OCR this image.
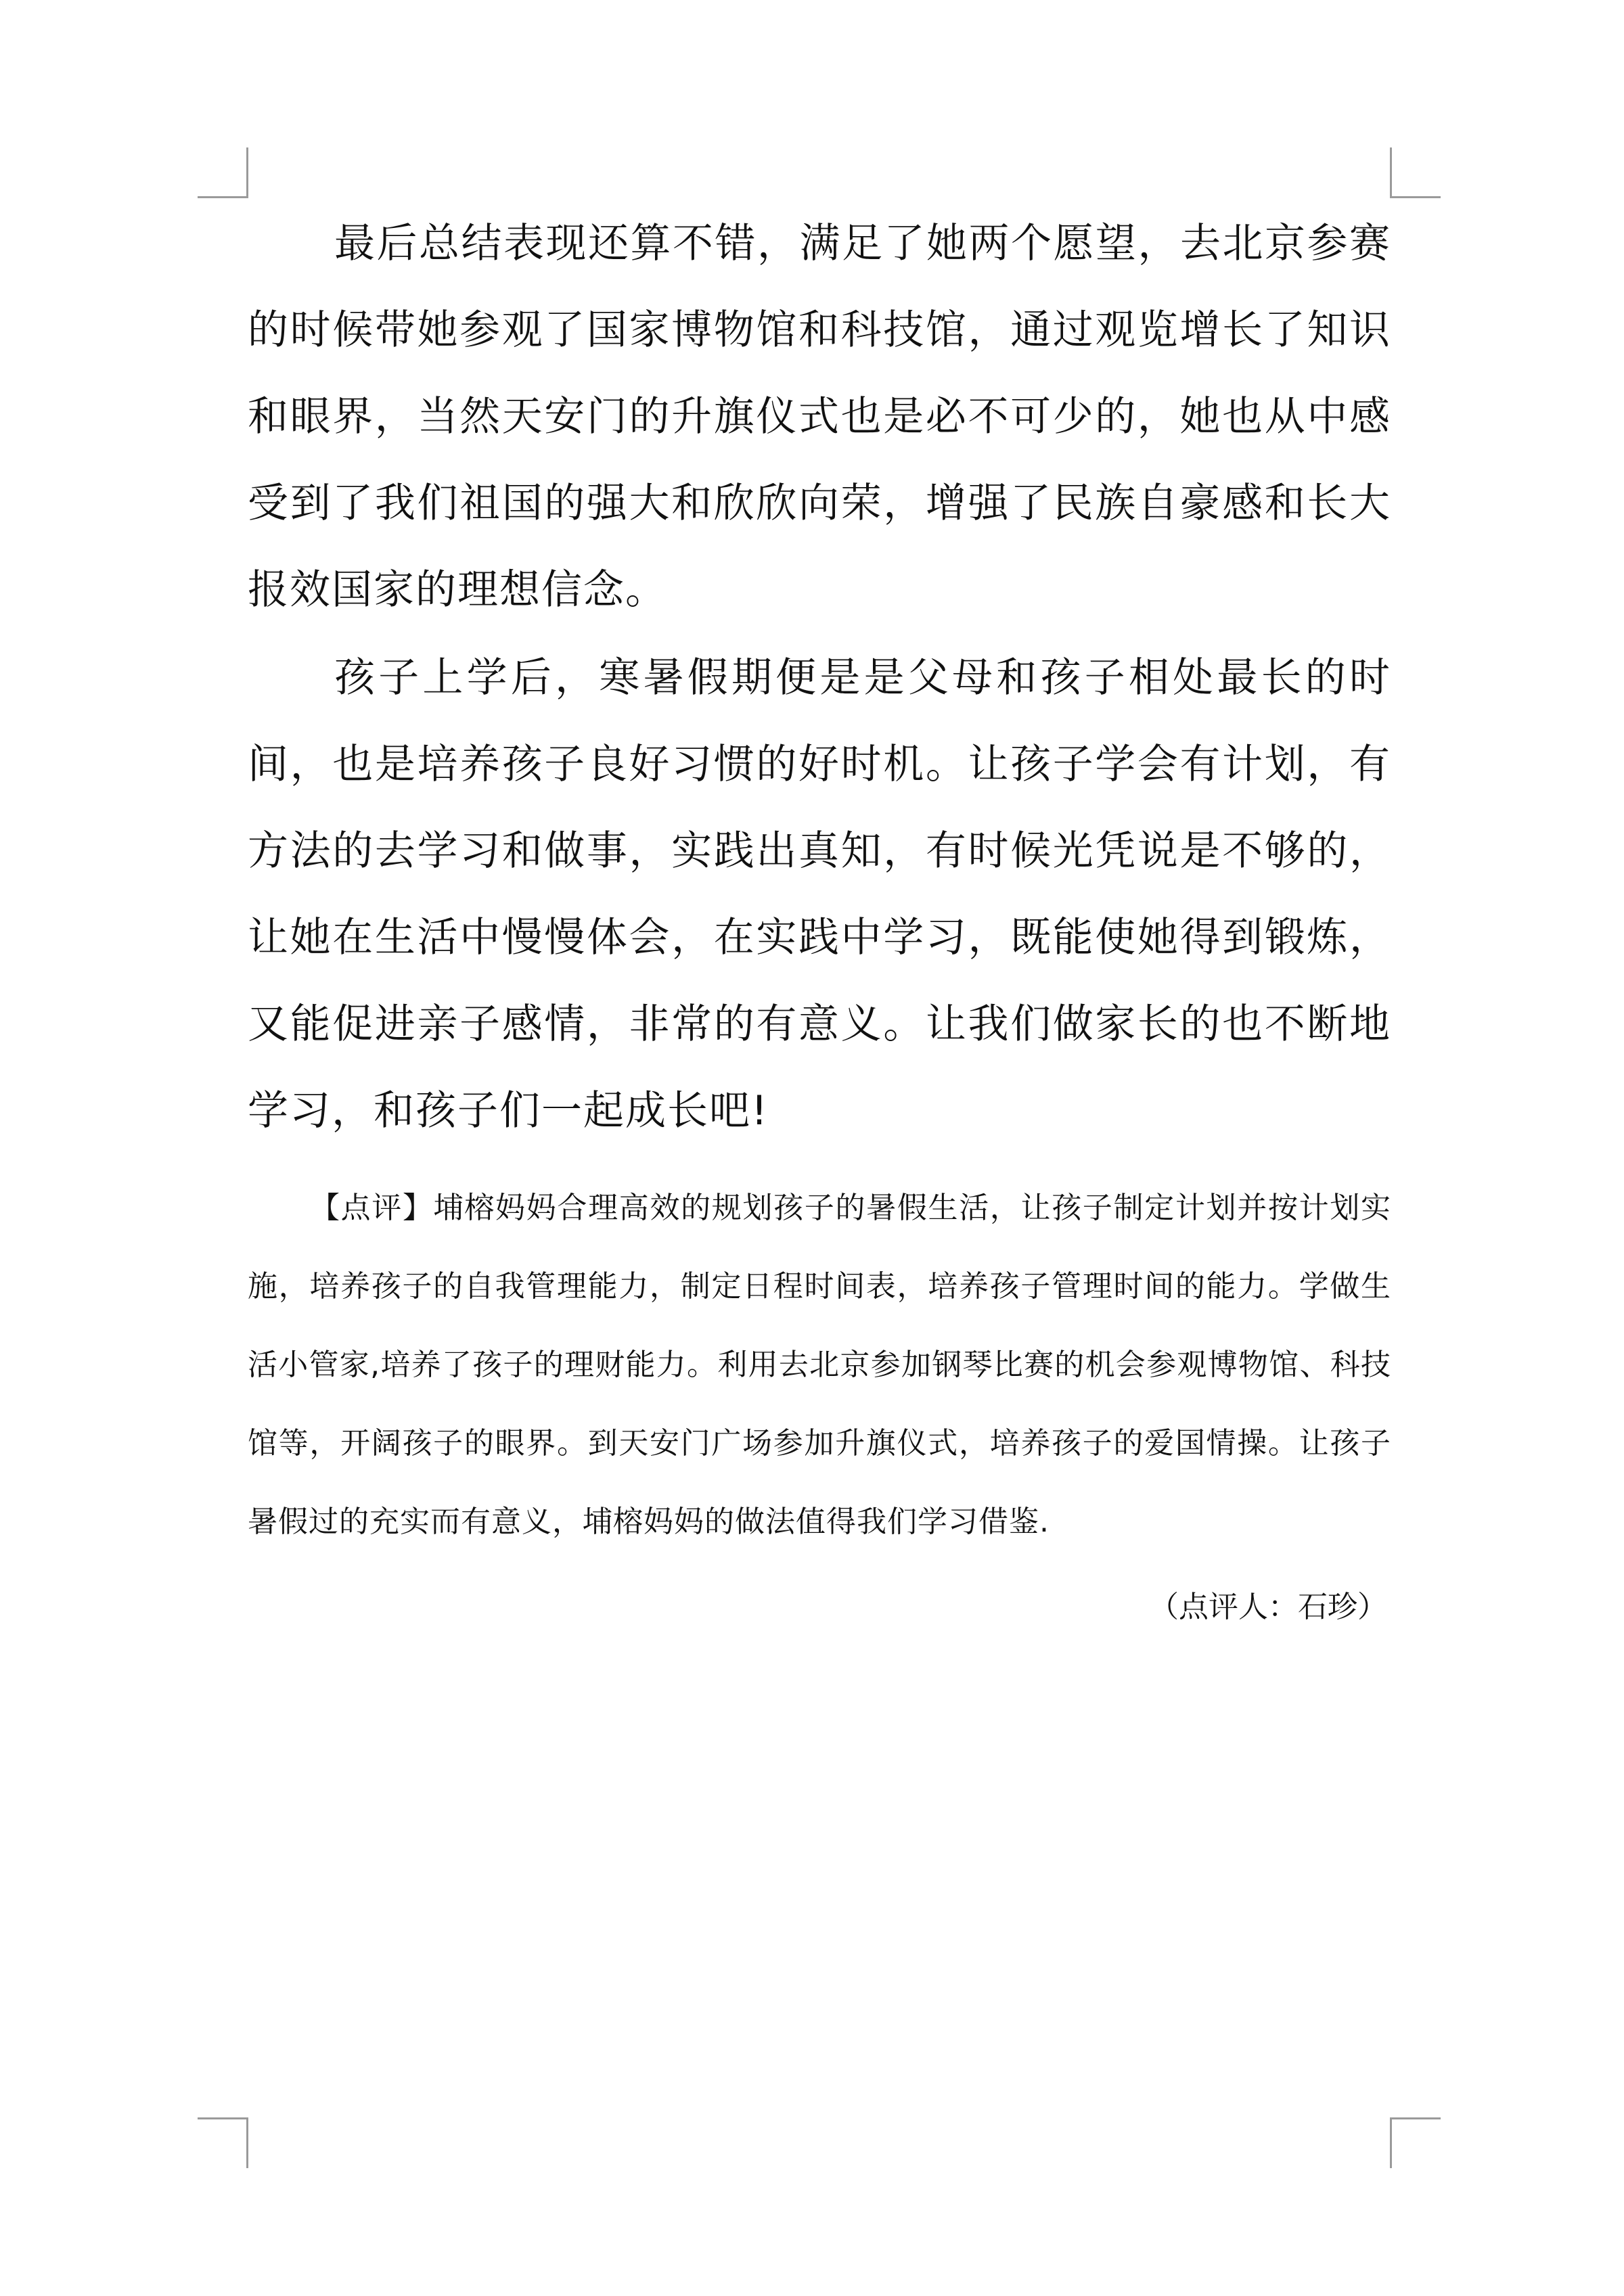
最后总结表现还算不错，满足了她两个愿望，去北京参赛的时候带她参观了国家博物馆和科技馆，通过观览增长了知识和眼界，当然天安门的升旗仪式也是必不可少的，她也从中感受到了我们祖国的强大和欣欣向荣，增强了民族自豪感和长大报效国家的理想信念。

孩子上学后，寒暑假期便是是父母和孩子相处最长的时间，也是培养孩子良好习惯的好时机。让孩子学会有计划，有方法的去学习和做事，实践出真知，有时候光凭说是不够的，让她在生活中慢慢体会，在实践中学习，既能使她得到锻炼，又能促进亲子感情，非常的有意义。让我们做家长的也不断地学习，和孩子们一起成长吧!

【点评】埔榕妈妈合理高效的规划孩子的暑假生活，让孩子制定计划并按计划实施，培养孩子的自我管理能力，制定日程时间表，培养孩子管理时间的能力。学做生活小管家,培养了孩子的理财能力。利用去北京参加钢琴比赛的机会参观博物馆、科技馆等，开阔孩子的眼界。到天安门广场参加升旗仪式，培养孩子的爱国情操。让孩子暑假过的充实而有意义，埔榕妈妈的做法值得我们学习借鉴.

（点评人：石珍）
